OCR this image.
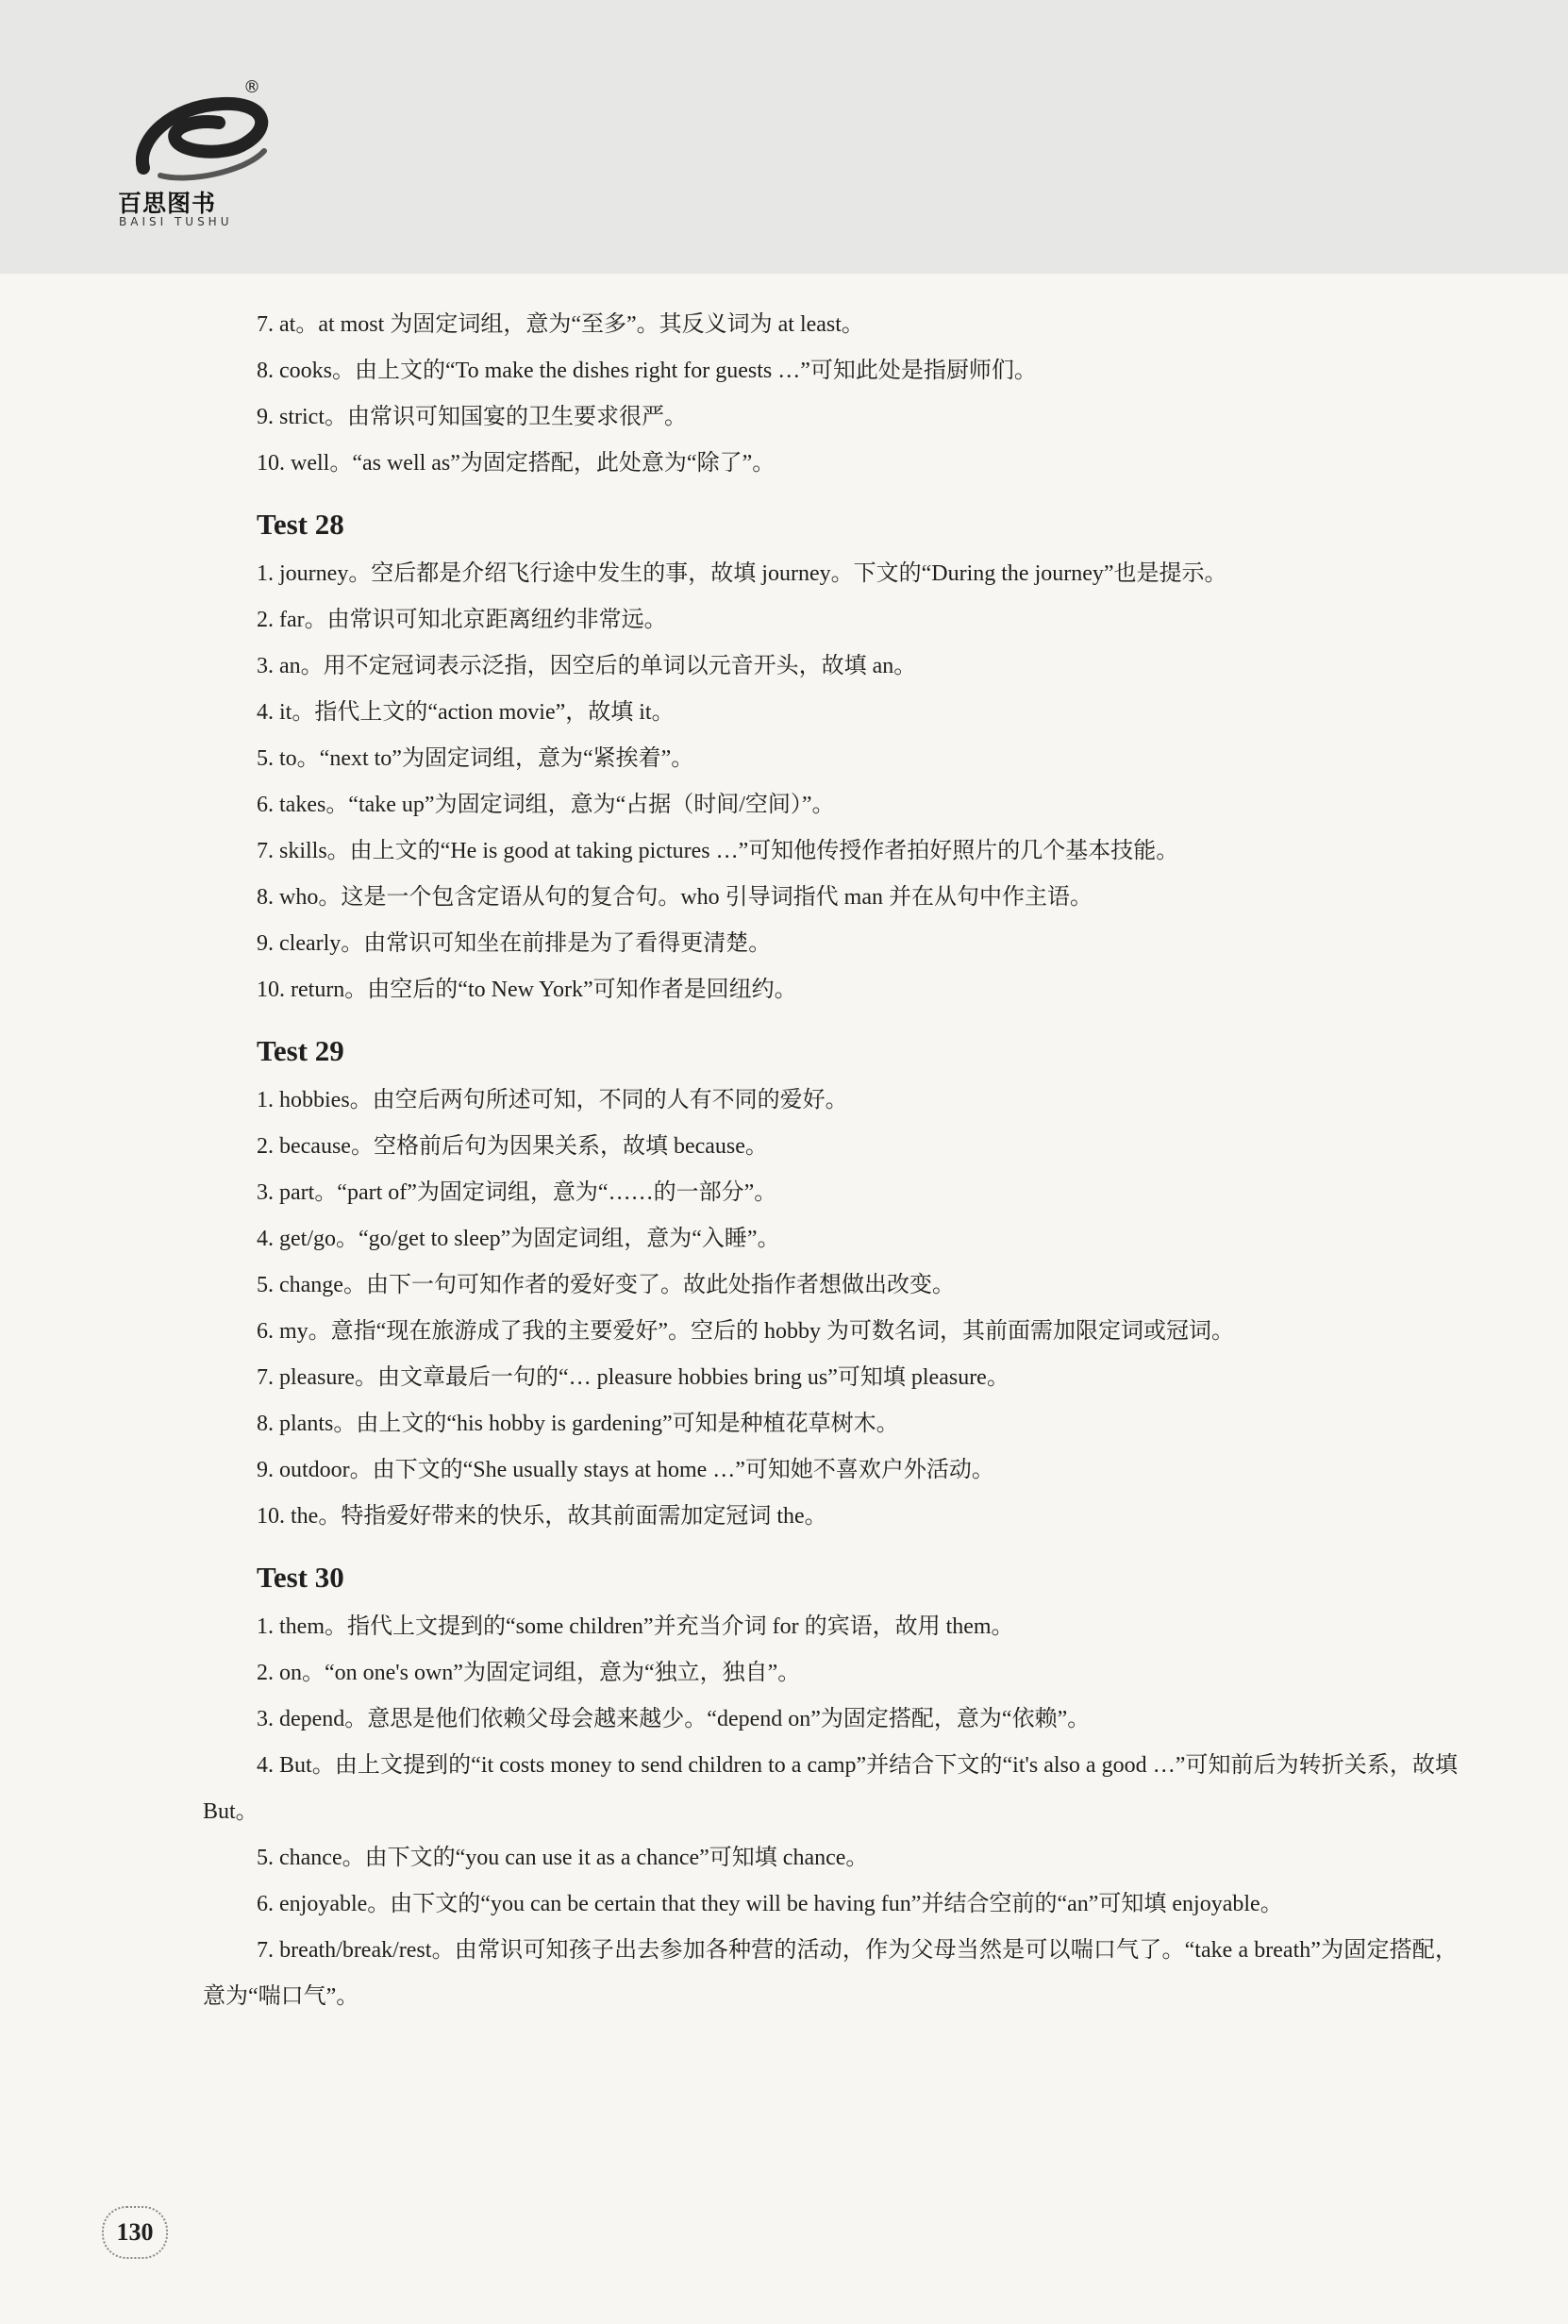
®
百思图书
BAISI TUSHU
7. at。at most 为固定词组，意为“至多”。其反义词为 at least。
8. cooks。由上文的“To make the dishes right for guests …”可知此处是指厨师们。
9. strict。由常识可知国宴的卫生要求很严。
10. well。“as well as”为固定搭配，此处意为“除了”。
Test 28
1. journey。空后都是介绍飞行途中发生的事，故填 journey。下文的“During the journey”也是提示。
2. far。由常识可知北京距离纽约非常远。
3. an。用不定冠词表示泛指，因空后的单词以元音开头，故填 an。
4. it。指代上文的“action movie”，故填 it。
5. to。“next to”为固定词组，意为“紧挨着”。
6. takes。“take up”为固定词组，意为“占据（时间/空间）”。
7. skills。由上文的“He is good at taking pictures …”可知他传授作者拍好照片的几个基本技能。
8. who。这是一个包含定语从句的复合句。who 引导词指代 man 并在从句中作主语。
9. clearly。由常识可知坐在前排是为了看得更清楚。
10. return。由空后的“to New York”可知作者是回纽约。
Test 29
1. hobbies。由空后两句所述可知，不同的人有不同的爱好。
2. because。空格前后句为因果关系，故填 because。
3. part。“part of”为固定词组，意为“……的一部分”。
4. get/go。“go/get to sleep”为固定词组，意为“入睡”。
5. change。由下一句可知作者的爱好变了。故此处指作者想做出改变。
6. my。意指“现在旅游成了我的主要爱好”。空后的 hobby 为可数名词，其前面需加限定词或冠词。
7. pleasure。由文章最后一句的“… pleasure hobbies bring us”可知填 pleasure。
8. plants。由上文的“his hobby is gardening”可知是种植花草树木。
9. outdoor。由下文的“She usually stays at home …”可知她不喜欢户外活动。
10. the。特指爱好带来的快乐，故其前面需加定冠词 the。
Test 30
1. them。指代上文提到的“some children”并充当介词 for 的宾语，故用 them。
2. on。“on one's own”为固定词组，意为“独立，独自”。
3. depend。意思是他们依赖父母会越来越少。“depend on”为固定搭配，意为“依赖”。
4. But。由上文提到的“it costs money to send children to a camp”并结合下文的“it's also a good …”可知前后为转折关系，故填 But。
5. chance。由下文的“you can use it as a chance”可知填 chance。
6. enjoyable。由下文的“you can be certain that they will be having fun”并结合空前的“an”可知填 enjoyable。
7. breath/break/rest。由常识可知孩子出去参加各种营的活动，作为父母当然是可以喘口气了。“take a breath”为固定搭配，意为“喘口气”。
130
